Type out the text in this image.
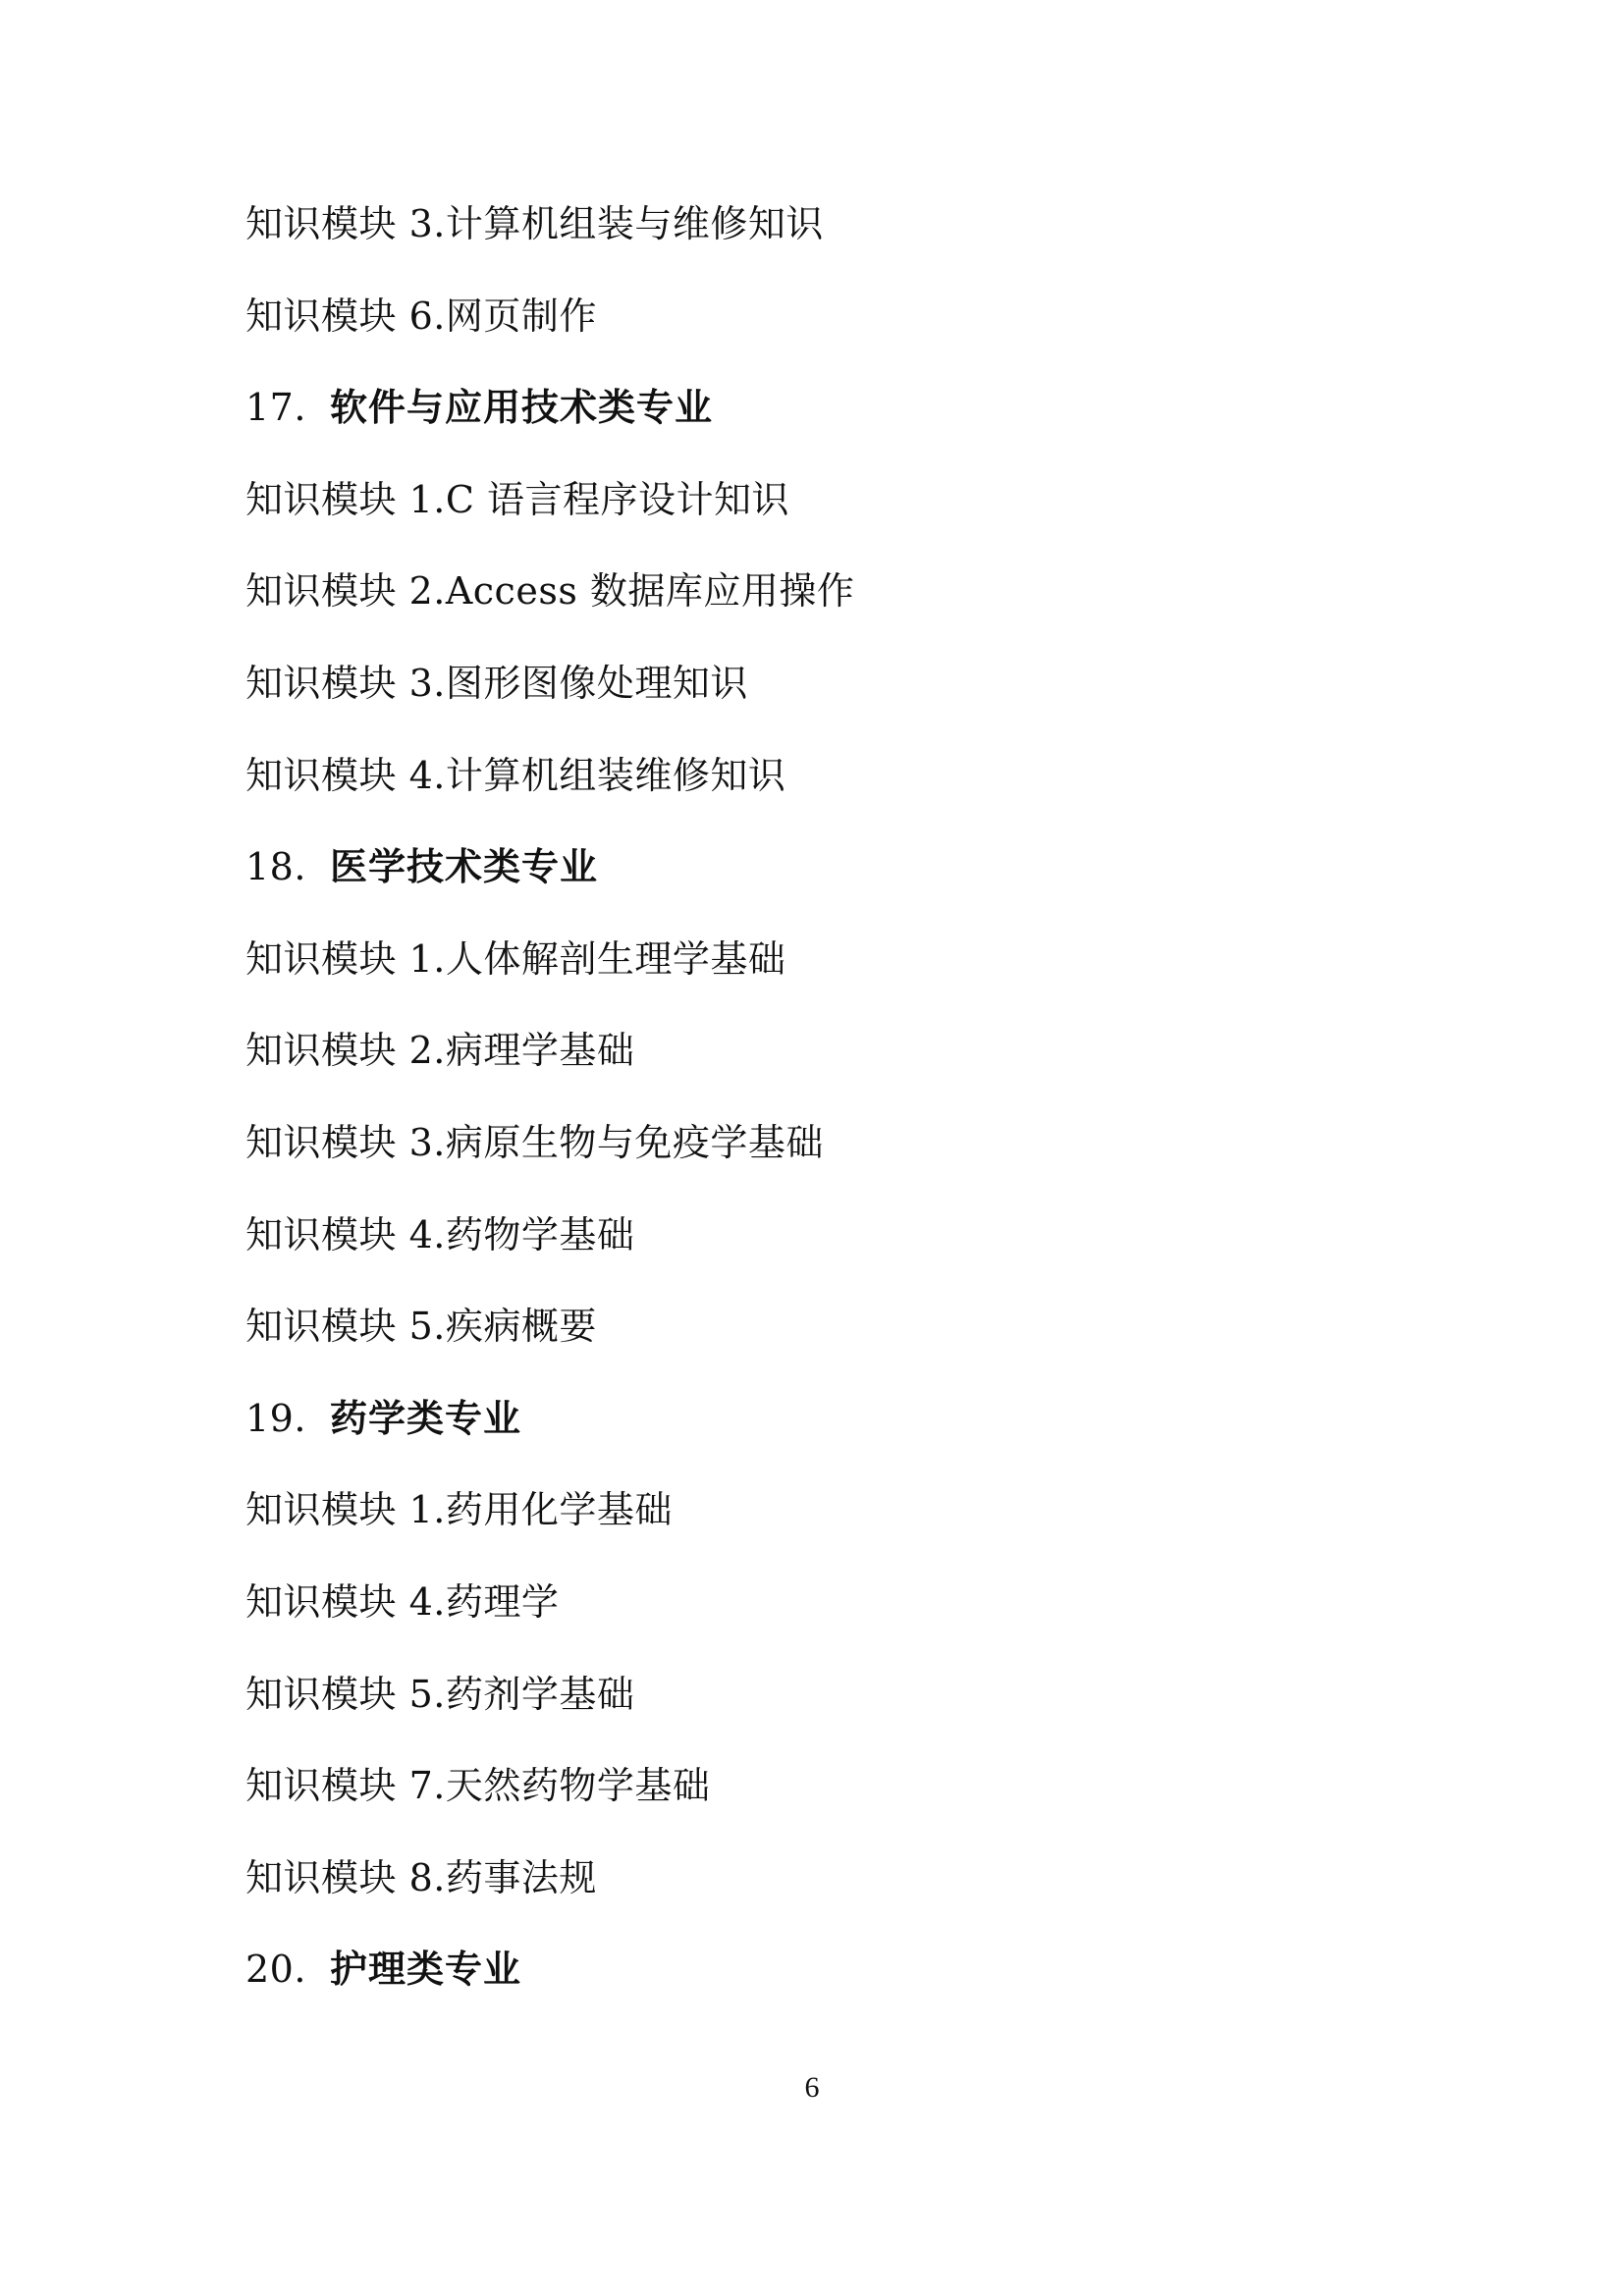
知识模块 3.计算机组装与维修知识
知识模块 6.网页制作
17. 软件与应用技术类专业
知识模块 1.C 语言程序设计知识
知识模块 2.Access 数据库应用操作
知识模块 3.图形图像处理知识
知识模块 4.计算机组装维修知识
18. 医学技术类专业
知识模块 1.人体解剖生理学基础
知识模块 2.病理学基础
知识模块 3.病原生物与免疫学基础
知识模块 4.药物学基础
知识模块 5.疾病概要
19. 药学类专业
知识模块 1.药用化学基础
知识模块 4.药理学
知识模块 5.药剂学基础
知识模块 7.天然药物学基础
知识模块 8.药事法规
20. 护理类专业
6
